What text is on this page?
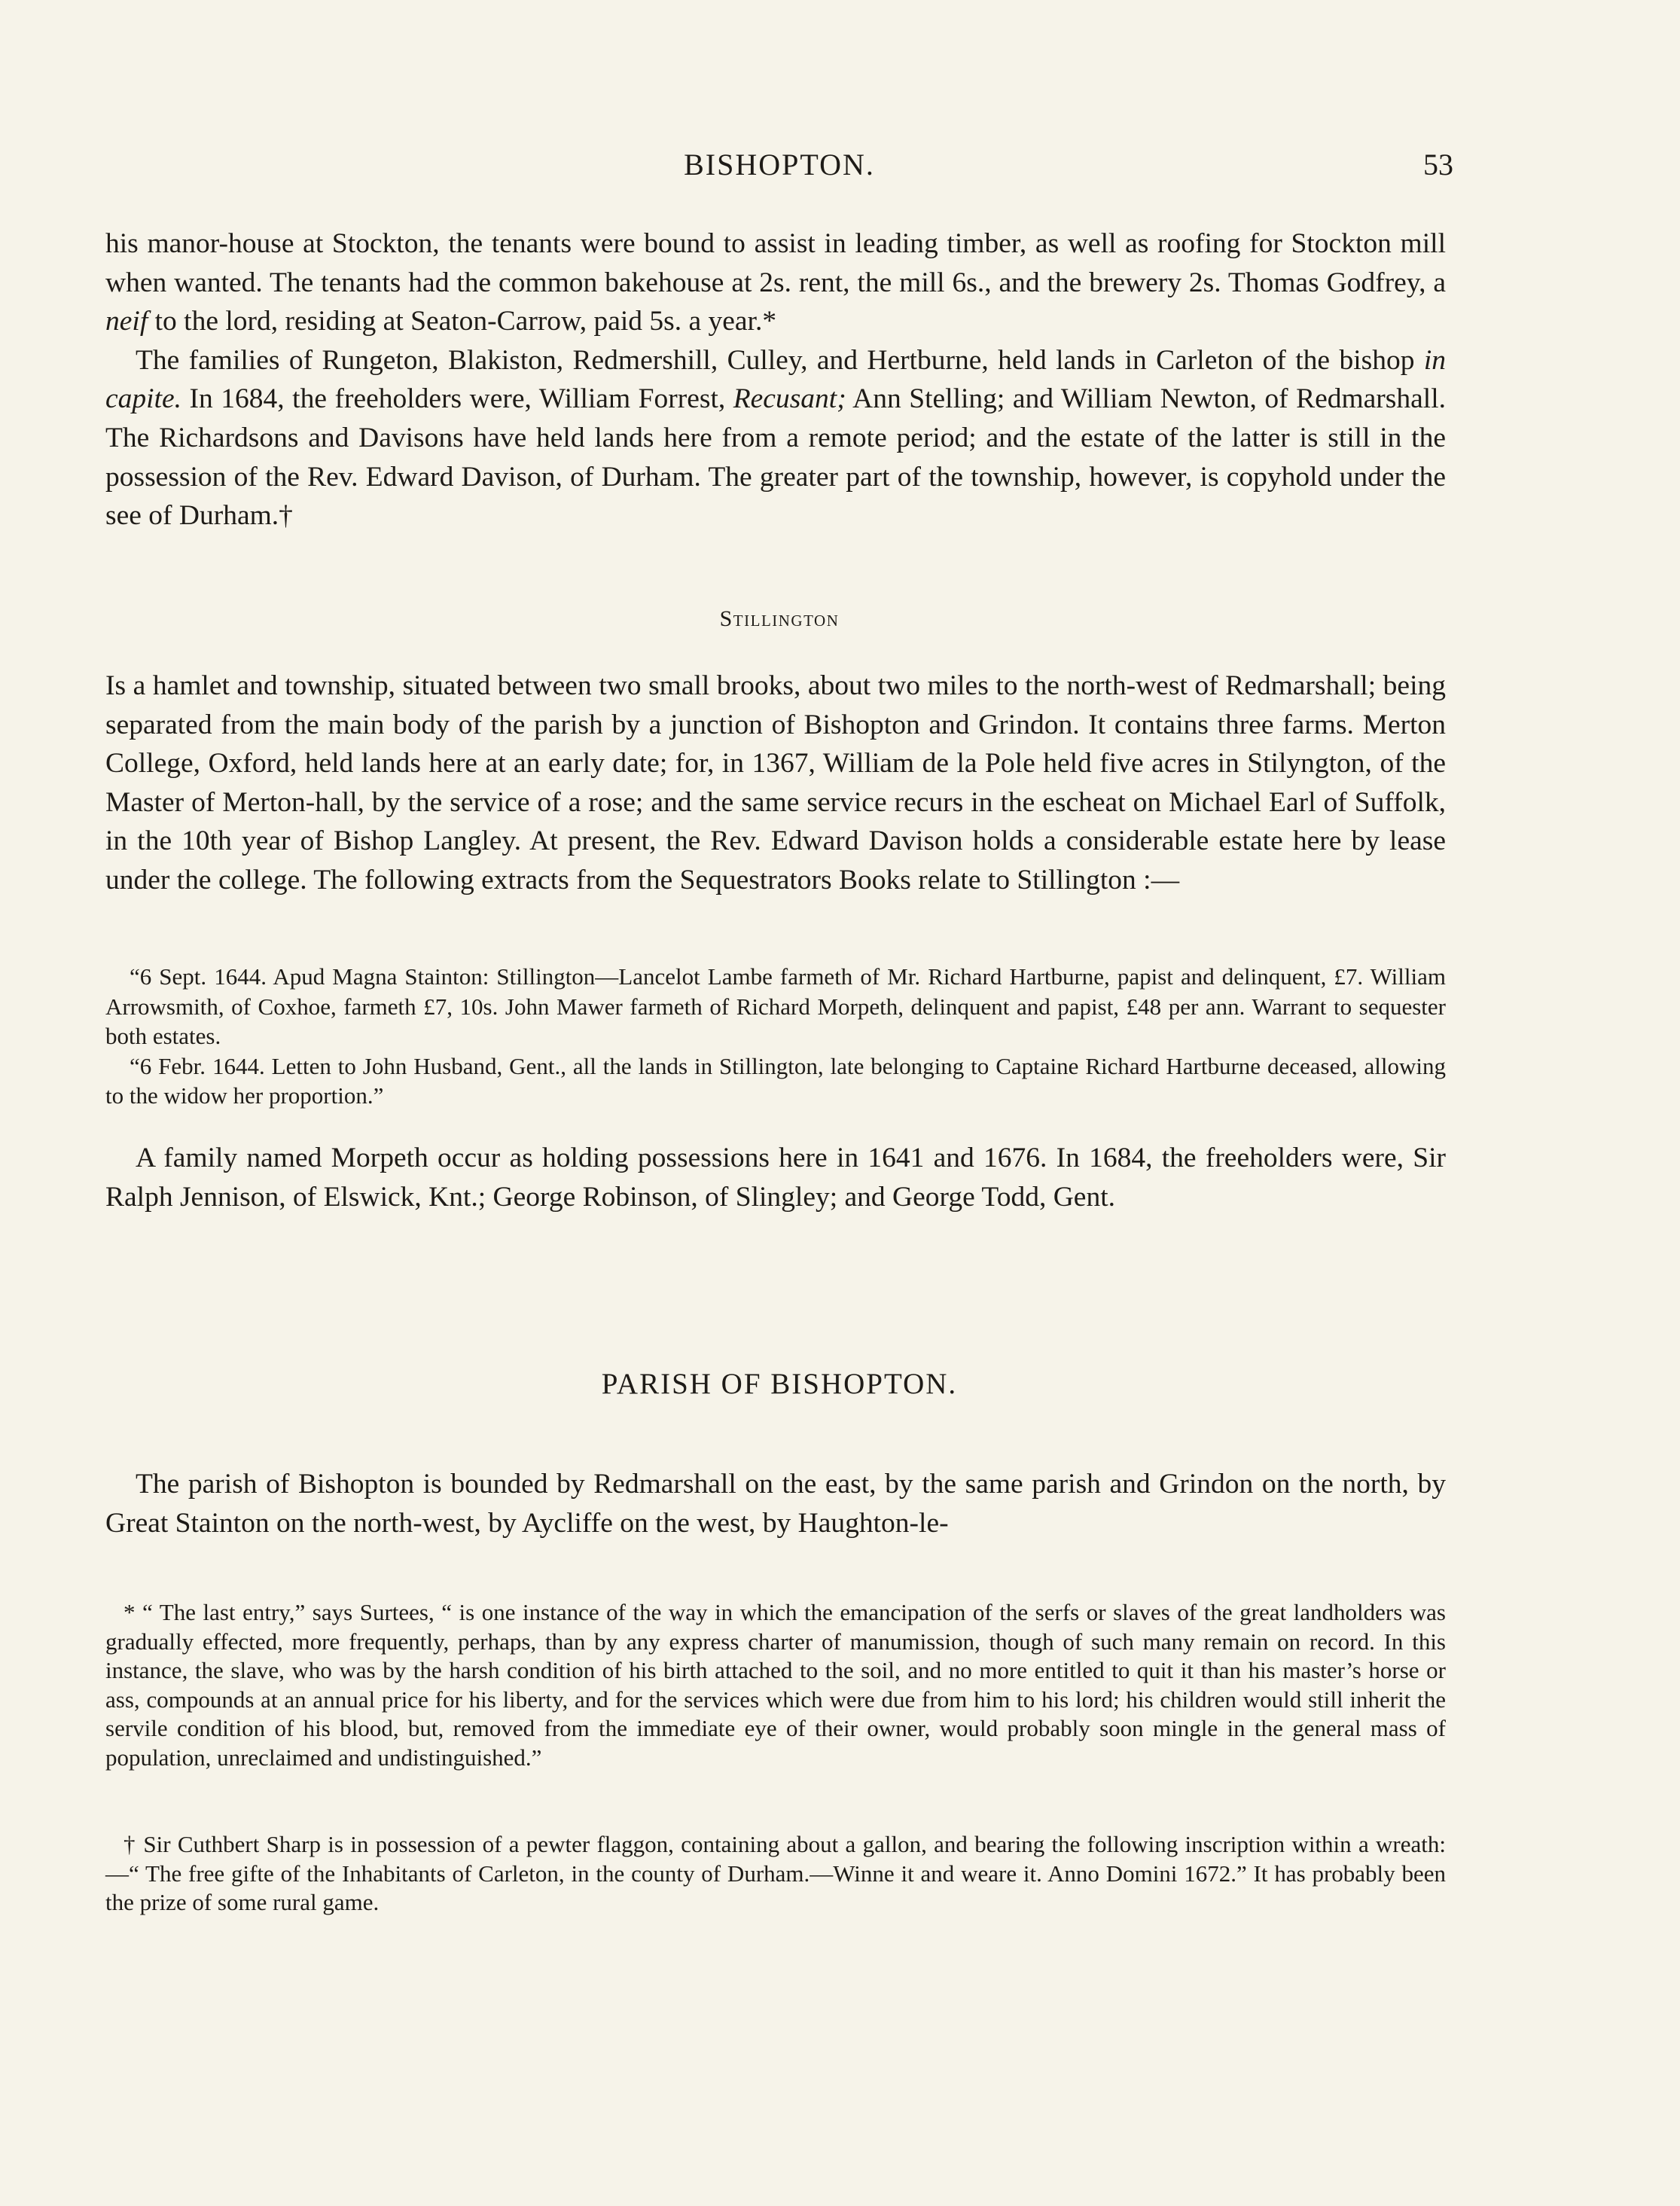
BISHOPTON.	53

his manor-house at Stockton, the tenants were bound to assist in leading timber, as well as roofing for Stockton mill when wanted. The tenants had the common bakehouse at 2s. rent, the mill 6s., and the brewery 2s. Thomas Godfrey, a neif to the lord, residing at Seaton-Carrow, paid 5s. a year.*

The families of Rungeton, Blakiston, Redmershill, Culley, and Hertburne, held lands in Carleton of the bishop in capite. In 1684, the freeholders were, William Forrest, Recusant; Ann Stelling; and William Newton, of Redmarshall. The Richardsons and Davisons have held lands here from a remote period; and the estate of the latter is still in the possession of the Rev. Edward Davison, of Durham. The greater part of the township, however, is copyhold under the see of Durham.†

Stillington

Is a hamlet and township, situated between two small brooks, about two miles to the north-west of Redmarshall; being separated from the main body of the parish by a junction of Bishopton and Grindon. It contains three farms. Merton College, Oxford, held lands here at an early date; for, in 1367, William de la Pole held five acres in Stilyngton, of the Master of Merton-hall, by the service of a rose; and the same service recurs in the escheat on Michael Earl of Suffolk, in the 10th year of Bishop Langley. At present, the Rev. Edward Davison holds a considerable estate here by lease under the college. The following extracts from the Sequestrators Books relate to Stillington :—

“6 Sept. 1644. Apud Magna Stainton: Stillington—Lancelot Lambe farmeth of Mr. Richard Hartburne, papist and delinquent, £7. William Arrowsmith, of Coxhoe, farmeth £7, 10s. John Mawer farmeth of Richard Morpeth, delinquent and papist, £48 per ann. Warrant to sequester both estates.

“6 Febr. 1644. Letten to John Husband, Gent., all the lands in Stillington, late belonging to Captaine Richard Hartburne deceased, allowing to the widow her proportion.”

A family named Morpeth occur as holding possessions here in 1641 and 1676. In 1684, the freeholders were, Sir Ralph Jennison, of Elswick, Knt.; George Robinson, of Slingley; and George Todd, Gent.

PARISH OF BISHOPTON.

The parish of Bishopton is bounded by Redmarshall on the east, by the same parish and Grindon on the north, by Great Stainton on the north-west, by Aycliffe on the west, by Haughton-le-

* “ The last entry,” says Surtees, “ is one instance of the way in which the emancipation of the serfs or slaves of the great landholders was gradually effected, more frequently, perhaps, than by any express charter of manumission, though of such many remain on record. In this instance, the slave, who was by the harsh condition of his birth attached to the soil, and no more entitled to quit it than his master’s horse or ass, compounds at an annual price for his liberty, and for the services which were due from him to his lord; his children would still inherit the servile condition of his blood, but, removed from the immediate eye of their owner, would probably soon mingle in the general mass of population, unreclaimed and undistinguished.”

† Sir Cuthbert Sharp is in possession of a pewter flaggon, containing about a gallon, and bearing the following inscription within a wreath:—“ The free gifte of the Inhabitants of Carleton, in the county of Durham.—Winne it and weare it. Anno Domini 1672.” It has probably been the prize of some rural game.
